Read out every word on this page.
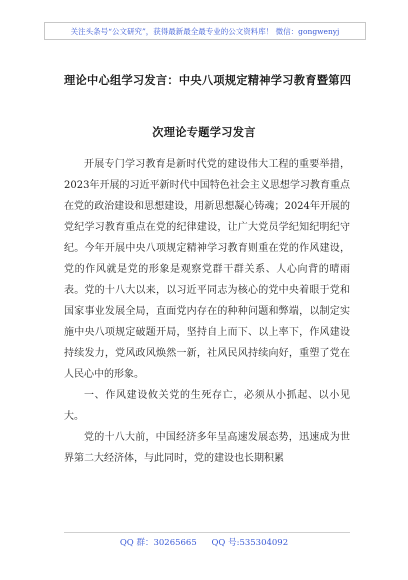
关注头条号“公文研究”，获得最新最全最专业的公文资料库！ 微信：gongwenyj
理论中心组学习发言：中央八项规定精神学习教育暨第四
次理论专题学习发言

开展专门学习教育是新时代党的建设伟大工程的重要举措，2023年开展的习近平新时代中国特色社会主义思想学习教育重点在党的政治建设和思想建设，用新思想凝心铸魂；2024年开展的党纪学习教育重点在党的纪律建设，让广大党员学纪知纪明纪守纪。今年开展中央八项规定精神学习教育则重在党的作风建设，党的作风就是党的形象是观察党群干群关系、人心向背的晴雨表。党的十八大以来，以习近平同志为核心的党中央着眼于党和国家事业发展全局，直面党内存在的种种问题和弊端，以制定实施中央八项规定破题开局，坚持自上而下、以上率下，作风建设持续发力，党风政风焕然一新，社风民风持续向好，重塑了党在人民心中的形象。

一、作风建设攸关党的生死存亡，必须从小抓起、以小见大。

党的十八大前，中国经济多年呈高速发展态势，迅速成为世界第二大经济体，与此同时，党的建设也长期积累

QQ 群：30265665 QQ 号:535304092
